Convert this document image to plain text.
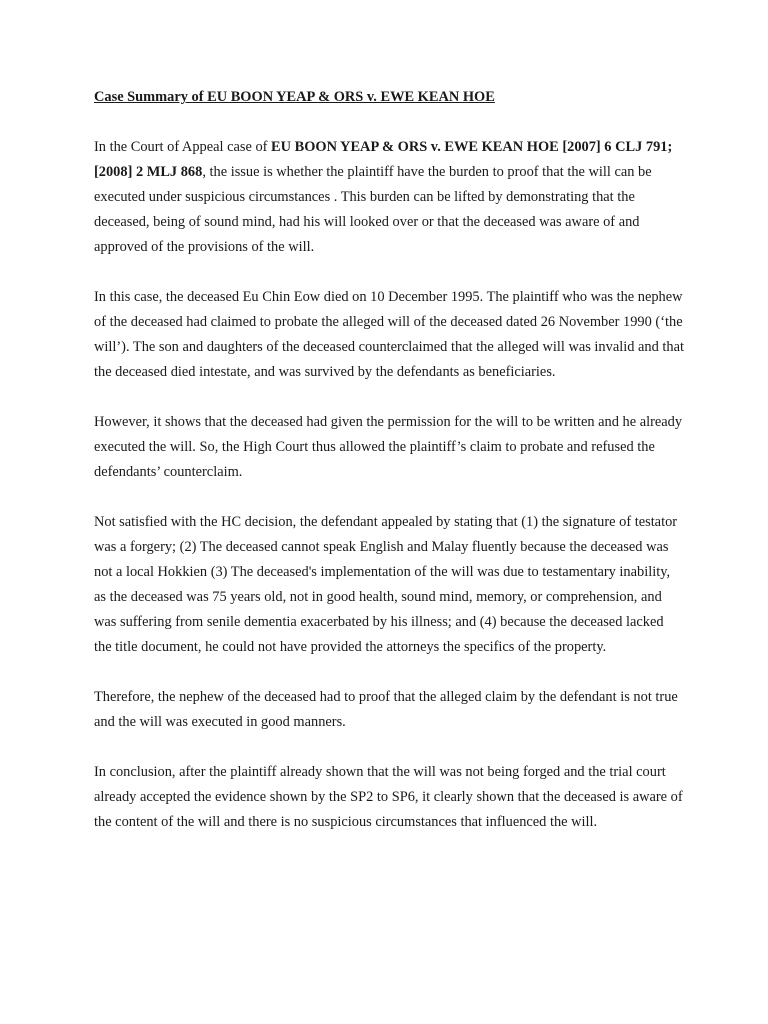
Case Summary of EU BOON YEAP & ORS v. EWE KEAN HOE

In the Court of Appeal case of EU BOON YEAP & ORS v. EWE KEAN HOE [2007] 6 CLJ 791; [2008] 2 MLJ 868, the issue is whether the plaintiff have the burden to proof that the will can be executed under suspicious circumstances . This burden can be lifted by demonstrating that the deceased, being of sound mind, had his will looked over or that the deceased was aware of and approved of the provisions of the will.

In this case, the deceased Eu Chin Eow died on 10 December 1995. The plaintiff who was the nephew of the deceased had claimed to probate the alleged will of the deceased dated 26 November 1990 (‘the will’). The son and daughters of the deceased counterclaimed that the alleged will was invalid and that the deceased died intestate, and was survived by the defendants as beneficiaries.

However, it shows that the deceased had given the permission for the will to be written and he already executed the will. So, the High Court thus allowed the plaintiff’s claim to probate and refused the defendants’ counterclaim.

Not satisfied with the HC decision, the defendant appealed by stating that (1) the signature of testator was a forgery; (2) The deceased cannot speak English and Malay fluently because the deceased was not a local Hokkien (3) The deceased's implementation of the will was due to testamentary inability, as the deceased was 75 years old, not in good health, sound mind, memory, or comprehension, and was suffering from senile dementia exacerbated by his illness; and (4) because the deceased lacked the title document, he could not have provided the attorneys the specifics of the property.

Therefore, the nephew of the deceased had to proof that the alleged claim by the defendant is not true and the will was executed in good manners.

In conclusion, after the plaintiff already shown that the will was not being forged and the trial court already accepted the evidence shown by the SP2 to SP6, it clearly shown that the deceased is aware of the content of the will and there is no suspicious circumstances that influenced the will.
